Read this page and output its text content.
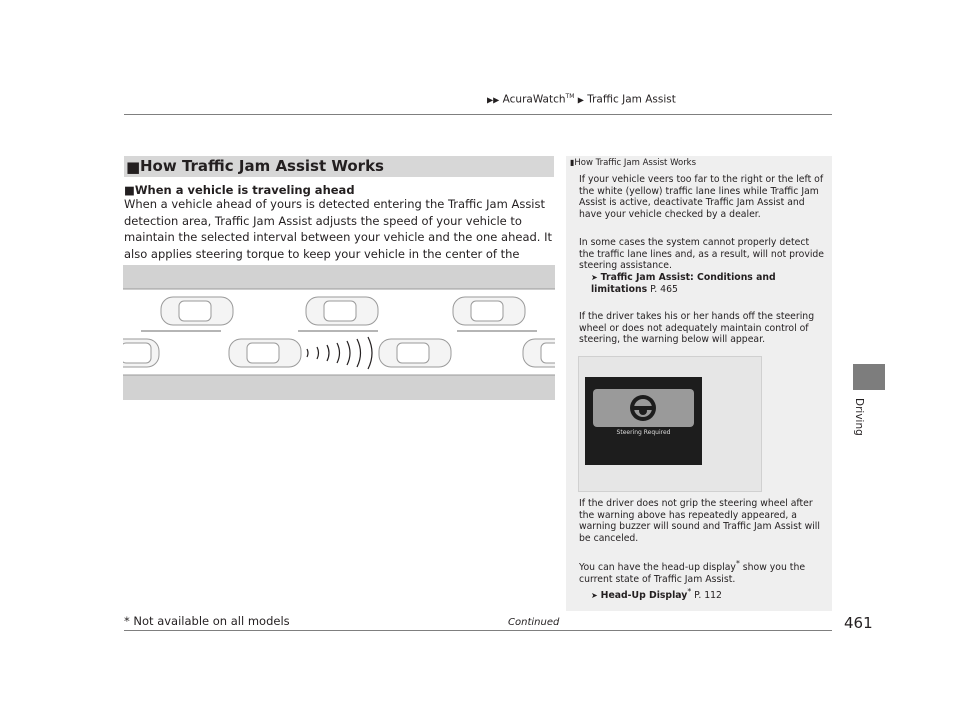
▶▶ AcuraWatch™ ▶ Traffic Jam Assist
Driving
■ How Traffic Jam Assist Works
■When a vehicle is traveling ahead
When a vehicle ahead of yours is detected entering the Traffic Jam Assist detection area, Traffic Jam Assist adjusts the speed of your vehicle to maintain the selected interval between your vehicle and the one ahead. It also applies steering torque to keep your vehicle in the center of the
▮How Traffic Jam Assist Works
If your vehicle veers too far to the right or the left of the white (yellow) traffic lane lines while Traffic Jam Assist is active, deactivate Traffic Jam Assist and have your vehicle checked by a dealer.
In some cases the system cannot properly detect the traffic lane lines and, as a result, will not provide steering assistance.
➤ Traffic Jam Assist: Conditions and limitations P. 465
If the driver takes his or her hands off the steering wheel or does not adequately maintain control of steering, the warning below will appear.
Steering Required
If the driver does not grip the steering wheel after the warning above has repeatedly appeared, a warning buzzer will sound and Traffic Jam Assist will be canceled.
You can have the head-up display* show you the current state of Traffic Jam Assist.
➤ Head-Up Display* P. 112
Continued	461
* Not available on all models
